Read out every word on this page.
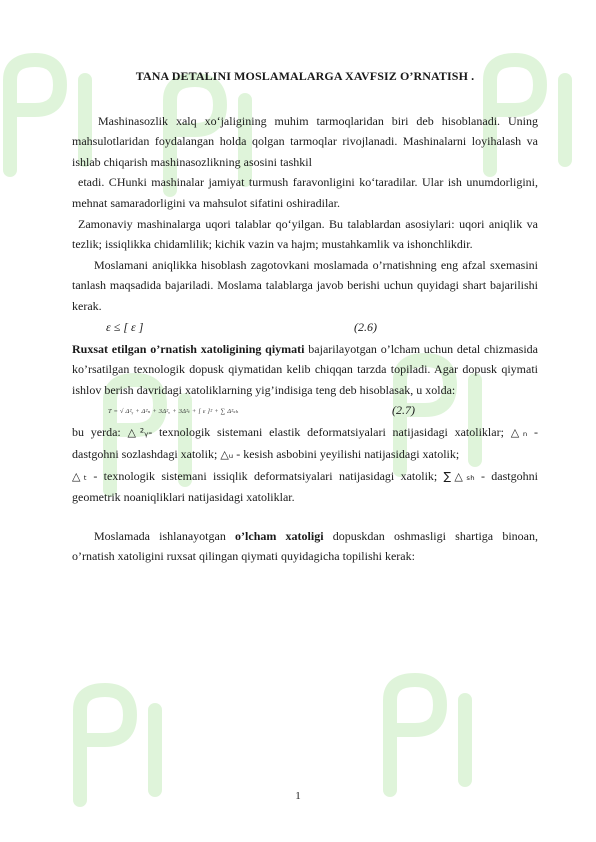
TANA DETALINI MOSLAMALARGA XAVFSIZ O’RNATISH .

Mashinasozlik xalq xo‘jaligining muhim tarmoqlaridan biri deb hisoblanadi. Uning mahsulotlaridan foydalangan holda qolgan tarmoqlar rivojlanadi. Mashinalarni loyihalash va ishlab chiqarish mashinasozlikning asosini tashkil

etadi. CHunki mashinalar jamiyat turmush faravonligini ko‘taradilar. Ular ish unumdorligini, mehnat samaradorligini va mahsulot sifatini oshiradilar.

Zamonaviy mashinalarga uqori talablar qo‘yilgan. Bu talablardan asosiylari: uqori aniqlik va tezlik; issiqlikka chidamlilik; kichik vazin va hajm; mustahkamlik va ishonchlikdir.

Moslamani aniqlikka hisoblash zagotovkani moslamada o’rnatishning eng afzal sxemasini tanlash maqsadida bajariladi. Moslama talablarga javob berishi uchun quyidagi shart bajarilishi kerak.

ε ≤ [ ε ]	(2.6)

Ruxsat etilgan o’rnatish xatoligining qiymati bajarilayotgan o’lcham uchun detal chizmasida ko’rsatilgan texnologik dopusk qiymatidan kelib chiqqan tarzda topiladi. Agar dopusk qiymati ishlov berish davridagi xatoliklarning yig’indisiga teng deb hisoblasak, u xolda:

T = √ Δ²ᵧ + Δ²ₙ + 3Δ²ᵤ + 3Δ²ₜ + [ ε ]² + ∑ Δ²ₛₕ	(2.7)

bu yerda: △²ᵧ- texnologik sistemani elastik deformatsiyalari natijasidagi xatoliklar; △ₙ - dastgohni sozlashdagi xatolik; △ᵤ - kesish asbobini yeyilishi natijasidagi xatolik;

△ₜ - texnologik sistemani issiqlik deformatsiyalari natijasidagi xatolik; ∑△ₛₕ - dastgohni geometrik noaniqliklari natijasidagi xatoliklar.

Moslamada ishlanayotgan o’lcham xatoligi dopuskdan oshmasligi shartiga binoan, o’rnatish xatoligini ruxsat qilingan qiymati quyidagicha topilishi kerak:

1
